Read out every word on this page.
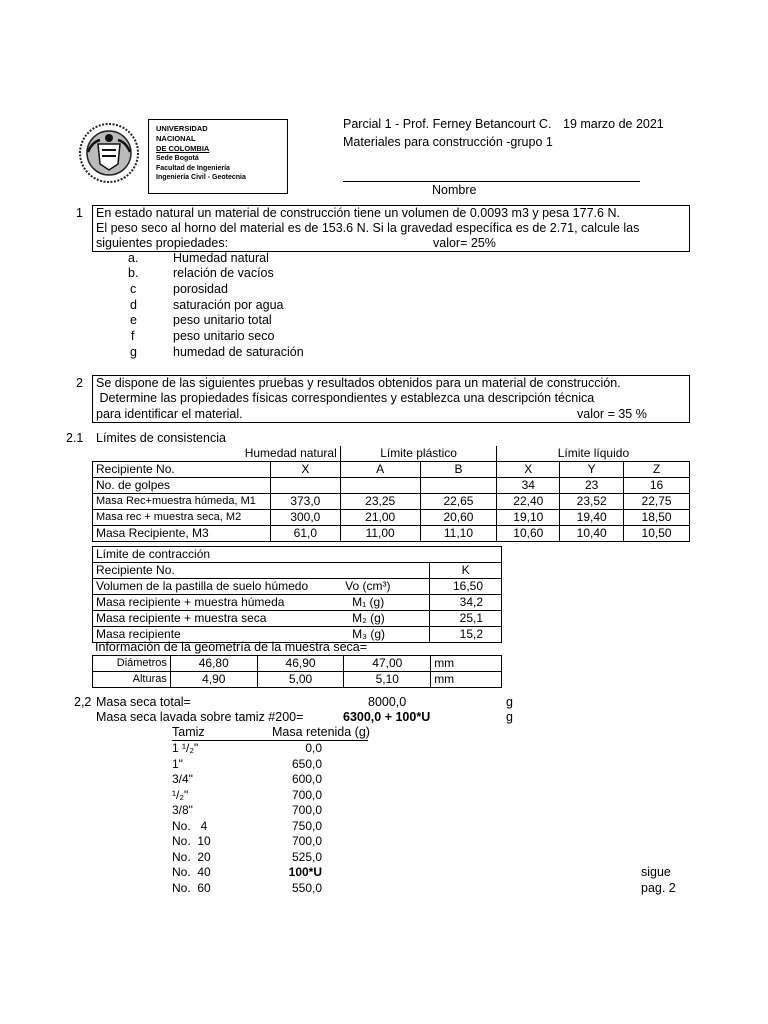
UNIVERSIDAD
NACIONAL
DE COLOMBIA
Sede Bogotá
Facultad de Ingeniería
Ingeniería Civil - Geotecnia
Parcial 1 - Prof. Ferney Betancourt C. 19 marzo de 2021
Materiales para construcción -grupo 1
Nombre
1 En estado natural un material de construcción tiene un volumen de 0.0093 m3 y pesa 177.6 N.
El peso seco al horno del material es de 153.6 N. Si la gravedad específica es de 2.71, calcule las
siguientes propiedades:	valor= 25%
a.	Humedad natural
b.	relación de vacíos
c	porosidad
d	saturación por agua
e	peso unitario total
f	peso unitario seco
g	humedad de saturación
2 Se dispone de las siguientes pruebas y resultados obtenidos para un material de construcción.
Determine las propiedades físicas correspondientes y establezca una descripción técnica
para identificar el material.	valor = 35 %
2.1 Límites de consistencia
Humedad natural		Límite plástico		Límite líquido		
Recipiente No.	X	A	B	X	Y	Z
No. de golpes				34	23	16
Masa Rec+muestra húmeda, M1	373,0	23,25	22,65	22,40	23,52	22,75
Masa rec + muestra seca, M2	300,0	21,00	20,60	19,10	19,40	18,50
Masa Recipiente, M3	61,0	11,00	11,10	10,60	10,40	10,50
Límite de contracción		
Recipiente No.		K
Volumen de la pastilla de suelo húmedo	Vo (cm³)	16,50
Masa recipiente + muestra húmeda	M₁ (g)	34,2
Masa recipiente + muestra seca	M₂ (g)	25,1
Masa recipiente	M₃ (g)	15,2
Información de la geometría de la muestra seca=
Diámetros	46,80	46,90	47,00	mm
Alturas	4,90	5,00	5,10	mm
2,2 Masa seca total=	8000,0	g
Masa seca lavada sobre tamiz #200=	6300,0 + 100*U	g
Tamiz	Masa retenida (g)
1 ¹/₂"	0,0
1"	650,0
3/4"	600,0
¹/₂"	700,0
3/8"	700,0
No.   4	750,0
No.  10	700,0
No.  20	525,0
No.  40	100*U
No.  60	550,0
sigue
pag. 2
